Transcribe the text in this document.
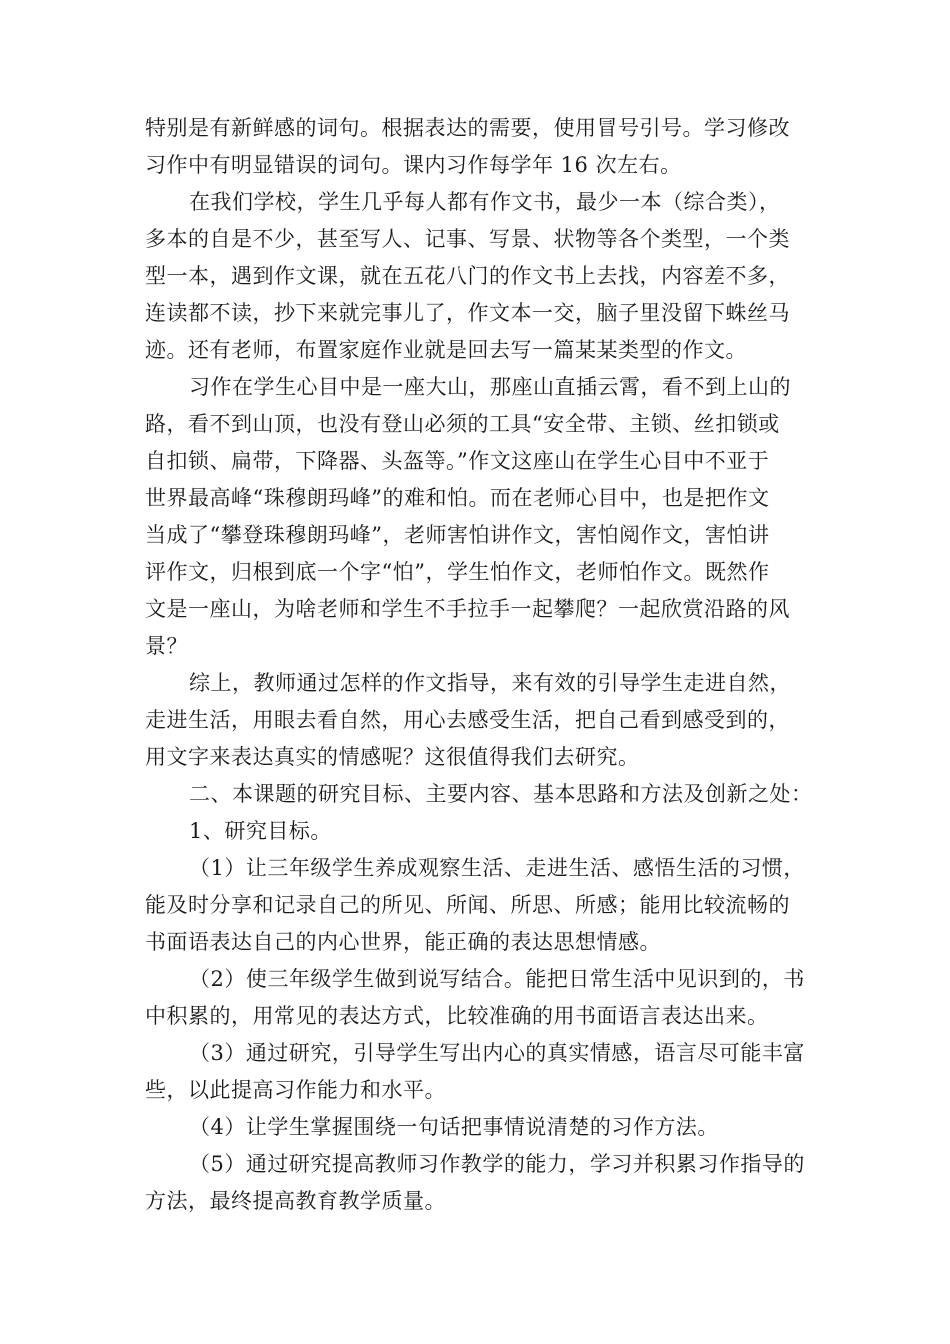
特别是有新鲜感的词句。根据表达的需要，使用冒号引号。学习修改
习作中有明显错误的词句。课内习作每学年 16 次左右。
在我们学校，学生几乎每人都有作文书，最少一本（综合类），
多本的自是不少，甚至写人、记事、写景、状物等各个类型，一个类
型一本，遇到作文课，就在五花八门的作文书上去找，内容差不多，
连读都不读，抄下来就完事儿了，作文本一交，脑子里没留下蛛丝马
迹。还有老师，布置家庭作业就是回去写一篇某某类型的作文。
习作在学生心目中是一座大山，那座山直插云霄，看不到上山的
路，看不到山顶，也没有登山必须的工具“安全带、主锁、丝扣锁或
自扣锁、扁带，下降器、头盔等。”作文这座山在学生心目中不亚于
世界最高峰“珠穆朗玛峰”的难和怕。而在老师心目中，也是把作文
当成了“攀登珠穆朗玛峰”，老师害怕讲作文，害怕阅作文，害怕讲
评作文，归根到底一个字“怕”，学生怕作文，老师怕作文。既然作
文是一座山，为啥老师和学生不手拉手一起攀爬？一起欣赏沿路的风
景？
综上，教师通过怎样的作文指导，来有效的引导学生走进自然，
走进生活，用眼去看自然，用心去感受生活，把自己看到感受到的，
用文字来表达真实的情感呢？这很值得我们去研究。
二、本课题的研究目标、主要内容、基本思路和方法及创新之处：
1、研究目标。
（1）让三年级学生养成观察生活、走进生活、感悟生活的习惯，
能及时分享和记录自己的所见、所闻、所思、所感；能用比较流畅的
书面语表达自己的内心世界，能正确的表达思想情感。
（2）使三年级学生做到说写结合。能把日常生活中见识到的，书
中积累的，用常见的表达方式，比较准确的用书面语言表达出来。
（3）通过研究，引导学生写出内心的真实情感，语言尽可能丰富
些，以此提高习作能力和水平。
（4）让学生掌握围绕一句话把事情说清楚的习作方法。
（5）通过研究提高教师习作教学的能力，学习并积累习作指导的
方法，最终提高教育教学质量。
